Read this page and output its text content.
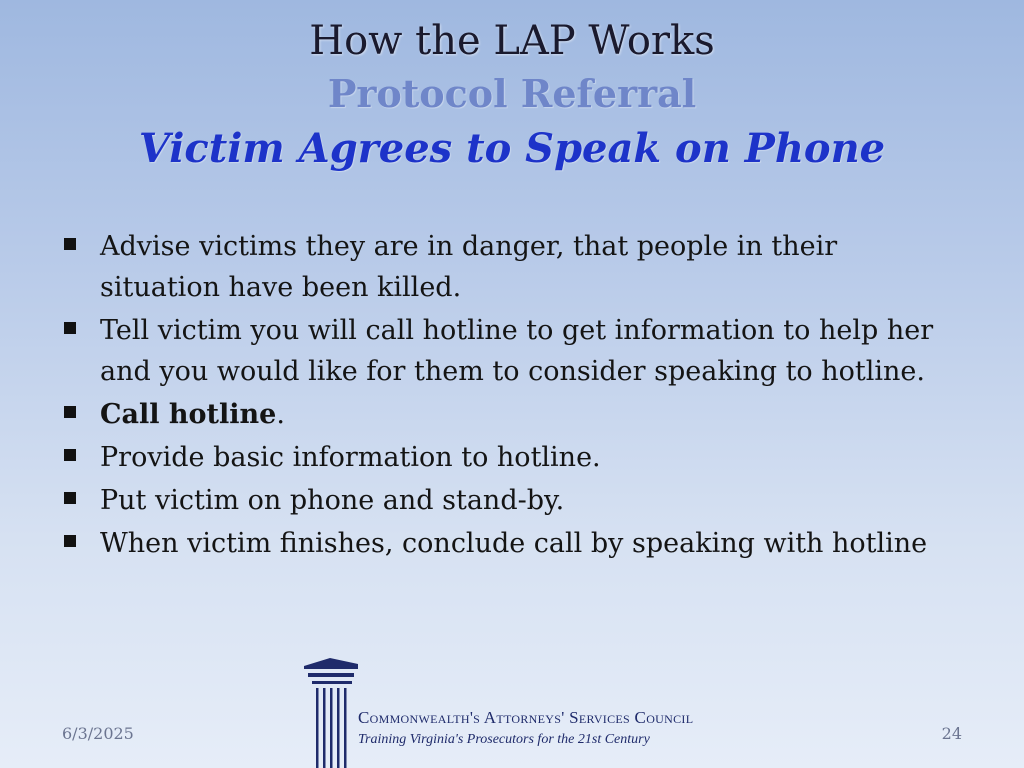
How the LAP Works
Protocol Referral
Victim Agrees to Speak on Phone
Advise victims they are in danger, that people in their situation have been killed.
Tell victim you will call hotline to get information to help her and you would like for them to consider speaking to hotline.
Call hotline.
Provide basic information to hotline.
Put victim on phone and stand-by.
When victim finishes, conclude call by speaking with hotline
6/3/2025	24
Commonwealth's Attorneys' Services Council
Training Virginia's Prosecutors for the 21st Century
